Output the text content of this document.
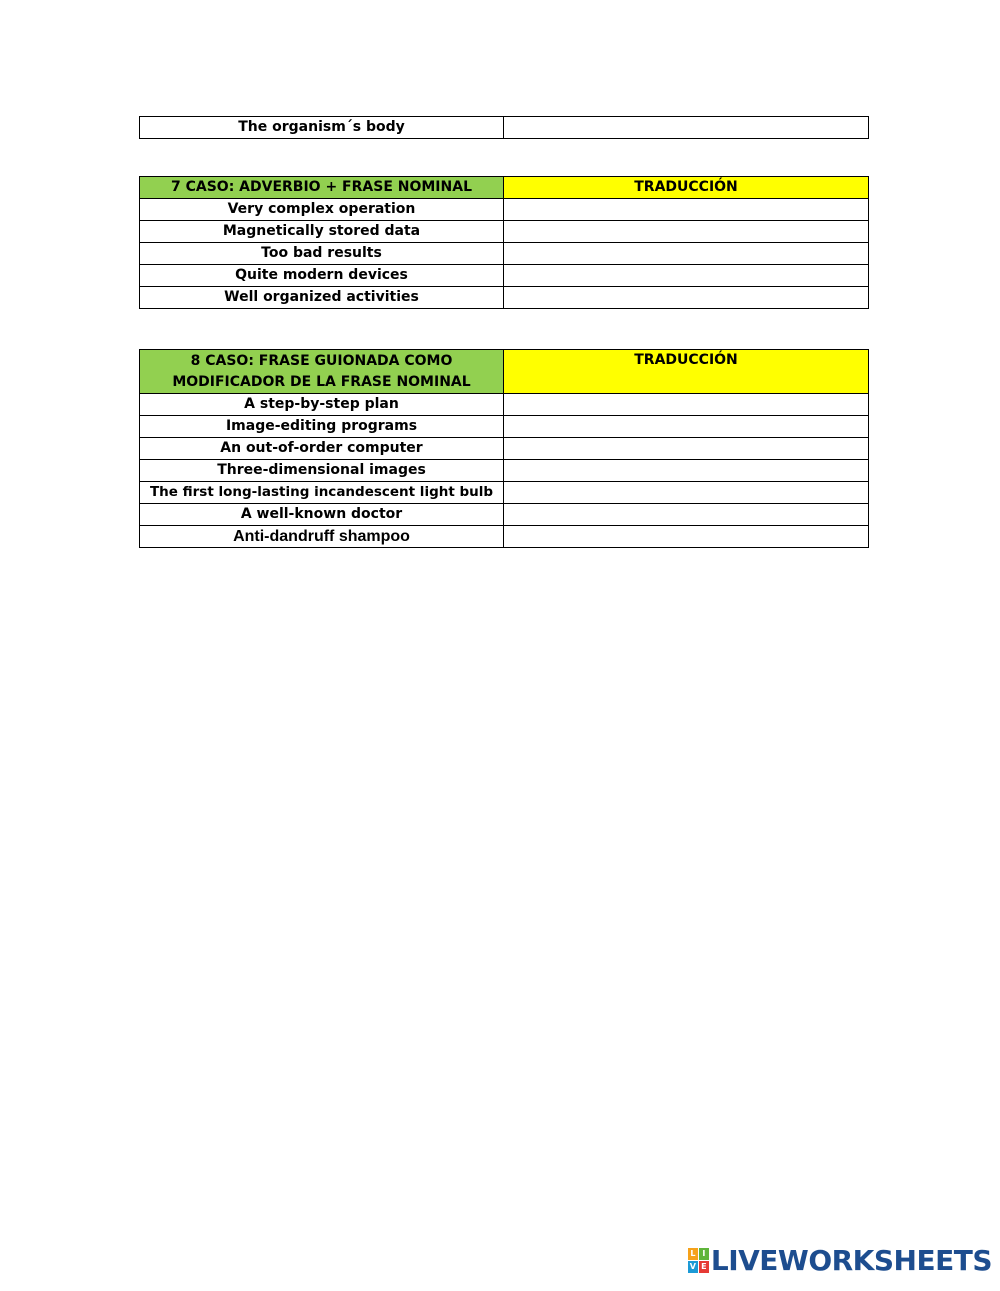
The organism´s body	
7 CASO: ADVERBIO + FRASE NOMINAL	TRADUCCIÓN
Very complex operation	
Magnetically stored data	
Too bad results	
Quite modern devices	
Well organized activities	
8 CASO: FRASE GUIONADA COMO
MODIFICADOR DE LA FRASE NOMINAL	TRADUCCIÓN
A step-by-step plan	
Image-editing programs	
An out-of-order computer	
Three-dimensional images	
The first long-lasting incandescent light bulb	
A well-known doctor	
Anti-dandruff shampoo	
L I
V E LIVEWORKSHEETS
